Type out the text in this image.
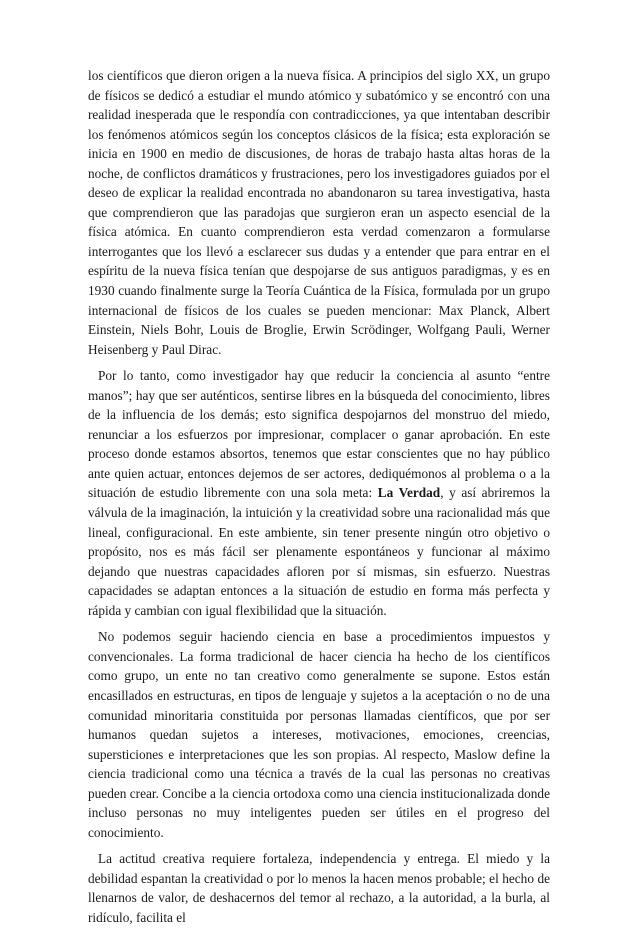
los científicos que dieron origen a la nueva física. A principios del siglo XX, un grupo de físicos se dedicó a estudiar el mundo atómico y subatómico y se encontró con una realidad inesperada que le respondía con contradicciones, ya que intentaban describir los fenómenos atómicos según los conceptos clásicos de la física; esta exploración se inicia en 1900 en medio de discusiones, de horas de trabajo hasta altas horas de la noche, de conflictos dramáticos y frustraciones, pero los investigadores guiados por el deseo de explicar la realidad encontrada no abandonaron su tarea investigativa, hasta que comprendieron que las paradojas que surgieron eran un aspecto esencial de la física atómica. En cuanto comprendieron esta verdad comenzaron a formularse interrogantes que los llevó a esclarecer sus dudas y a entender que para entrar en el espíritu de la nueva física tenían que despojarse de sus antiguos paradigmas, y es en 1930 cuando finalmente surge la Teoría Cuántica de la Física, formulada por un grupo internacional de físicos de los cuales se pueden mencionar: Max Planck, Albert Einstein, Niels Bohr, Louis de Broglie, Erwin Scrödinger, Wolfgang Pauli, Werner Heisenberg y Paul Dirac.

Por lo tanto, como investigador hay que reducir la conciencia al asunto “entre manos”; hay que ser auténticos, sentirse libres en la búsqueda del conocimiento, libres de la influencia de los demás; esto significa despojarnos del monstruo del miedo, renunciar a los esfuerzos por impresionar, complacer o ganar aprobación. En este proceso donde estamos absortos, tenemos que estar conscientes que no hay público ante quien actuar, entonces dejemos de ser actores, dediquémonos al problema o a la situación de estudio libremente con una sola meta: La Verdad, y así abriremos la válvula de la imaginación, la intuición y la creatividad sobre una racionalidad más que lineal, configuracional. En este ambiente, sin tener presente ningún otro objetivo o propósito, nos es más fácil ser plenamente espontáneos y funcionar al máximo dejando que nuestras capacidades afloren por sí mismas, sin esfuerzo. Nuestras capacidades se adaptan entonces a la situación de estudio en forma más perfecta y rápida y cambian con igual flexibilidad que la situación.

No podemos seguir haciendo ciencia en base a procedimientos impuestos y convencionales. La forma tradicional de hacer ciencia ha hecho de los científicos como grupo, un ente no tan creativo como generalmente se supone. Estos están encasillados en estructuras, en tipos de lenguaje y sujetos a la aceptación o no de una comunidad minoritaria constituida por personas llamadas científicos, que por ser humanos quedan sujetos a intereses, motivaciones, emociones, creencias, supersticiones e interpretaciones que les son propias. Al respecto, Maslow define la ciencia tradicional como una técnica a través de la cual las personas no creativas pueden crear. Concibe a la ciencia ortodoxa como una ciencia institucionalizada donde incluso personas no muy inteligentes pueden ser útiles en el progreso del conocimiento.

La actitud creativa requiere fortaleza, independencia y entrega. El miedo y la debilidad espantan la creatividad o por lo menos la hacen menos probable; el hecho de llenarnos de valor, de deshacernos del temor al rechazo, a la autoridad, a la burla, al ridículo, facilita el
